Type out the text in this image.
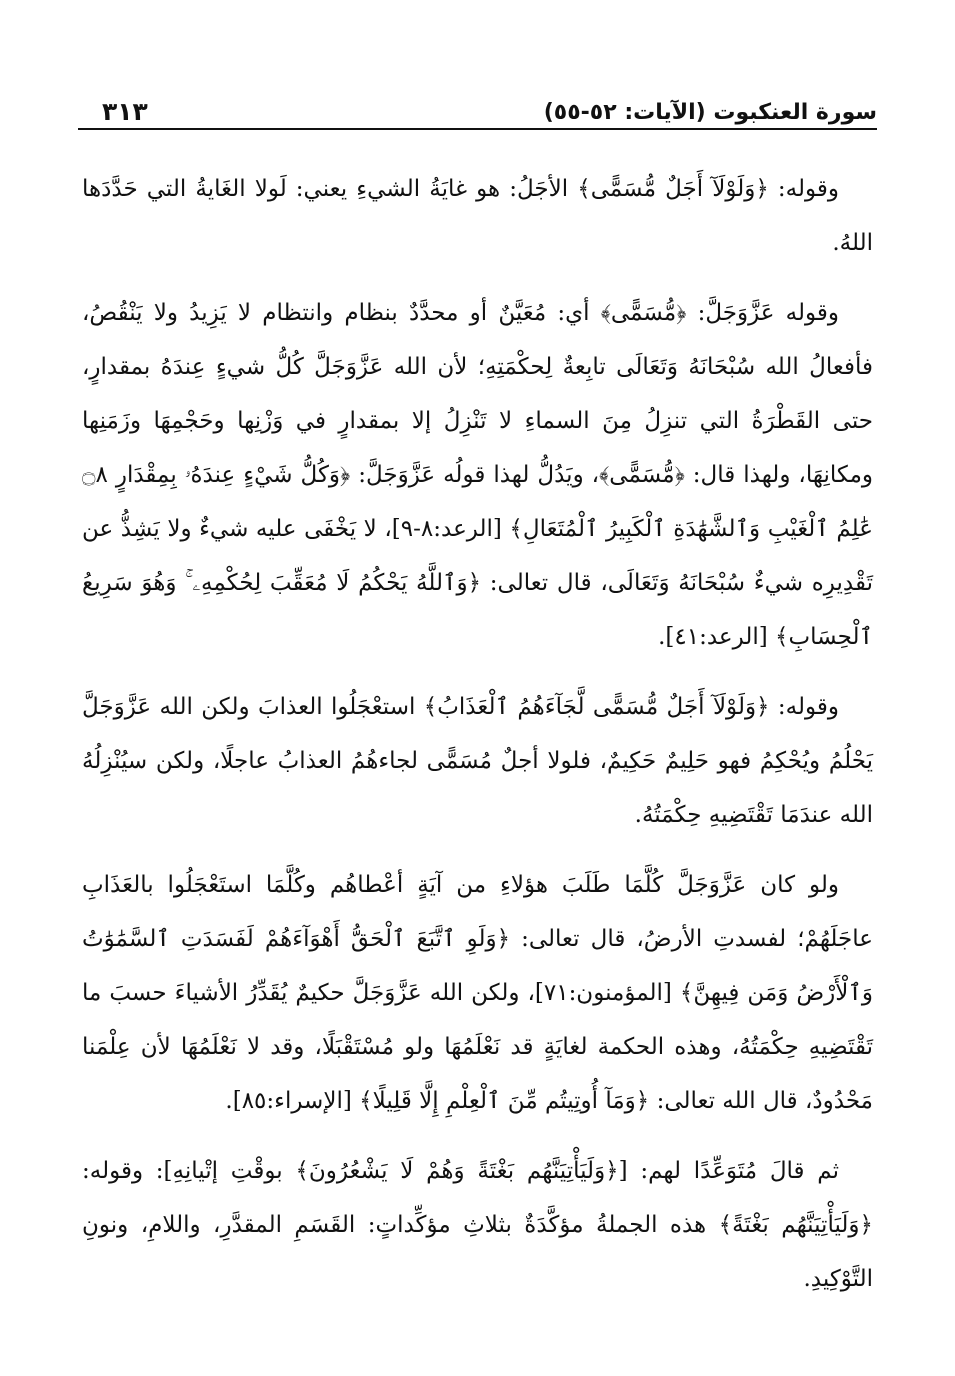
٣١٣	سورة العنكبوت (الآيات: ٥٢-٥٥)

وقوله: ﴿وَلَوْلَآ أَجَلٌ مُّسَمًّى﴾ الأجَلُ: هو غايَةُ الشيءِ يعني: لَولا الغَايةُ التي حَدَّدَها اللهُ.

وقوله عَزَّوَجَلَّ: ﴿مُّسَمًّى﴾ أي: مُعَيَّنٌ أو محدَّدٌ بنظام وانتظام لا يَزِيدُ ولا يَنْقُصُ، فأفعالُ الله سُبْحَانَهُ وَتَعَالَى تابِعةٌ لِحكْمَتِهِ؛ لأن الله عَزَّوَجَلَّ كُلُّ شيءٍ عِندَهُ بمقدارٍ، حتى القَطْرَةُ التي تنزِلُ مِنَ السماءِ لا تَنْزِلُ إلا بمقدارٍ في وَزْنِها وحَجْمِهَا وزَمَنِها ومكانِهَا، ولهذا قال: ﴿مُّسَمًّى﴾، ويَدُلُّ لهذا قولُه عَزَّوَجَلَّ: ﴿وَكُلُّ شَيْءٍ عِندَهُۥ بِمِقْدَارٍ ۝٨ عَٰلِمُ ٱلْغَيْبِ وَٱلشَّهَٰدَةِ ٱلْكَبِيرُ ٱلْمُتَعَالِ﴾ [الرعد:٨-٩]، لا يَخْفَى عليه شيءٌ ولا يَشِذُّ عن تَقْدِيرِه شيءٌ سُبْحَانَهُ وَتَعَالَى، قال تعالى: ﴿وَٱللَّهُ يَحْكُمُ لَا مُعَقِّبَ لِحُكْمِهِۦ ۚ وَهُوَ سَرِيعُ ٱلْحِسَابِ﴾ [الرعد:٤١].

وقوله: ﴿وَلَوْلَآ أَجَلٌ مُّسَمًّى لَّجَآءَهُمُ ٱلْعَذَابُ﴾ استعْجَلُوا العذابَ ولكن الله عَزَّوَجَلَّ يَحْلُمُ ويُحْكِمُ فهو حَلِيمٌ حَكِيمٌ، فلولا أجلٌ مُسَمًّى لجاءهُمُ العذابُ عاجلًا، ولكن سيُنْزِلُهُ الله عندَمَا تَقْتَضِيهِ حِكْمَتُهُ.

ولو كان عَزَّوَجَلَّ كُلَّمَا طَلَبَ هؤلاءِ من آيَةٍ أعْطاهُم وكُلَّمَا استَعْجَلُوا بالعَذَابِ عاجَلَهُمْ؛ لفسدتِ الأرضُ، قال تعالى: ﴿وَلَوِ ٱتَّبَعَ ٱلْحَقُّ أَهْوَآءَهُمْ لَفَسَدَتِ ٱلسَّمَٰوَٰتُ وَٱلْأَرْضُ وَمَن فِيهِنَّ﴾ [المؤمنون:٧١]، ولكن الله عَزَّوَجَلَّ حكيمٌ يُقَدِّرُ الأشياءَ حسبَ ما تَقْتَضِيهِ حِكْمَتُهُ، وهذه الحكمة لغايَةٍ قد نَعْلَمُهَا ولو مُسْتَقْبَلًا، وقد لا نَعْلَمُهَا لأن عِلْمَنا مَحْدُودٌ، قال الله تعالى: ﴿وَمَآ أُوتِيتُم مِّنَ ٱلْعِلْمِ إِلَّا قَلِيلًا﴾ [الإسراء:٨٥].

ثم قالَ مُتَوَعِّدًا لهم: [﴿وَلَيَأْتِيَنَّهُم بَغْتَةً وَهُمْ لَا يَشْعُرُونَ﴾ بوقْتِ إتْيانِهِ]: وقوله: ﴿وَلَيَأْتِيَنَّهُم بَغْتَةً﴾ هذه الجملةُ مؤكَّدَةٌ بثلاثِ مؤكِّداتٍ: القَسَمِ المقدَّرِ، واللامِ، ونونِ التَّوْكِيدِ.
